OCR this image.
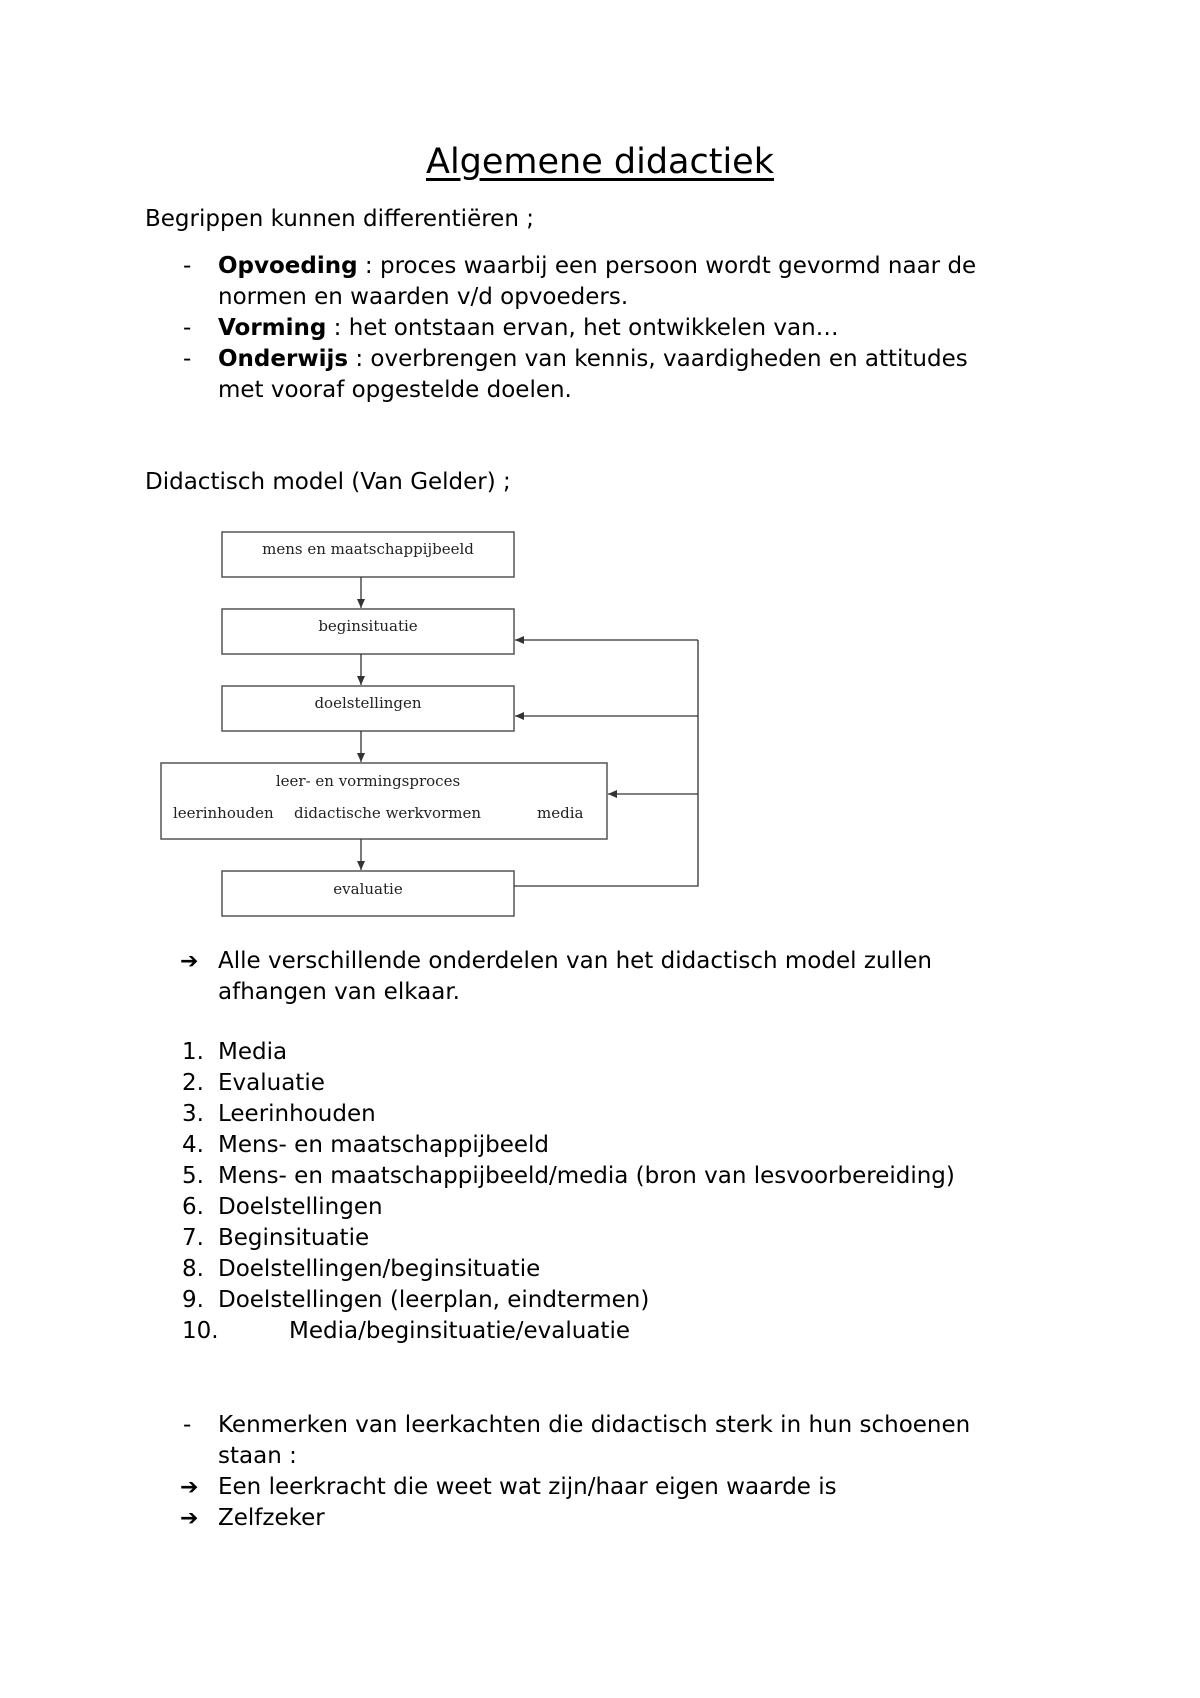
Algemene didactiek
Begrippen kunnen differentiëren ;
- Opvoeding : proces waarbij een persoon wordt gevormd naar de
normen en waarden v/d opvoeders.
- Vorming : het ontstaan ervan, het ontwikkelen van…
- Onderwijs : overbrengen van kennis, vaardigheden en attitudes
met vooraf opgestelde doelen.
Didactisch model (Van Gelder) ;
mens en maatschappijbeeld
beginsituatie
doelstellingen
leer- en vormingsproces
leerinhouden didactische werkvormen	media
evaluatie
➔ Alle verschillende onderdelen van het didactisch model zullen
afhangen van elkaar.
1. Media
2. Evaluatie
3. Leerinhouden
4. Mens- en maatschappijbeeld
5. Mens- en maatschappijbeeld/media (bron van lesvoorbereiding)
6. Doelstellingen
7. Beginsituatie
8. Doelstellingen/beginsituatie
9. Doelstellingen (leerplan, eindtermen)
10.	Media/beginsituatie/evaluatie
- Kenmerken van leerkachten die didactisch sterk in hun schoenen
staan :
➔ Een leerkracht die weet wat zijn/haar eigen waarde is
➔ Zelfzeker
